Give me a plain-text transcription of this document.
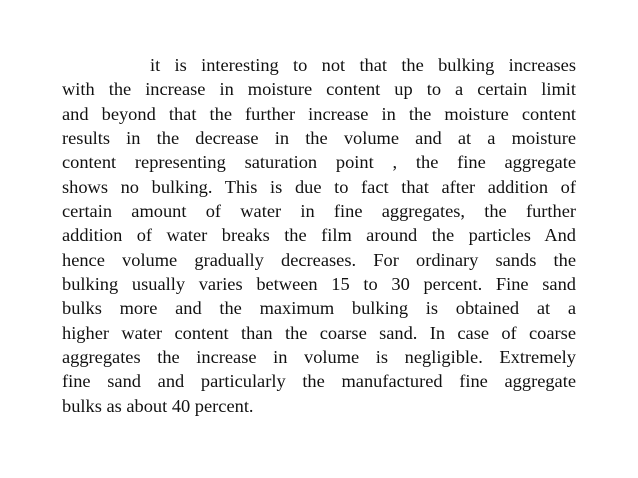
it is interesting to not that the bulking increases
with the increase in moisture content up to a certain limit
and beyond that the further increase in the moisture content
results in the decrease in the volume and at a moisture
content representing saturation point , the fine aggregate
shows no bulking. This is due to fact that after addition of
certain amount of water in fine aggregates, the further
addition of water breaks the film around the particles And
hence volume gradually decreases. For ordinary sands the
bulking usually varies between 15 to 30 percent. Fine sand
bulks more and the maximum bulking is obtained at a
higher water content than the coarse sand. In case of coarse
aggregates the increase in volume is negligible. Extremely
fine sand and particularly the manufactured fine aggregate
bulks as about 40 percent.
